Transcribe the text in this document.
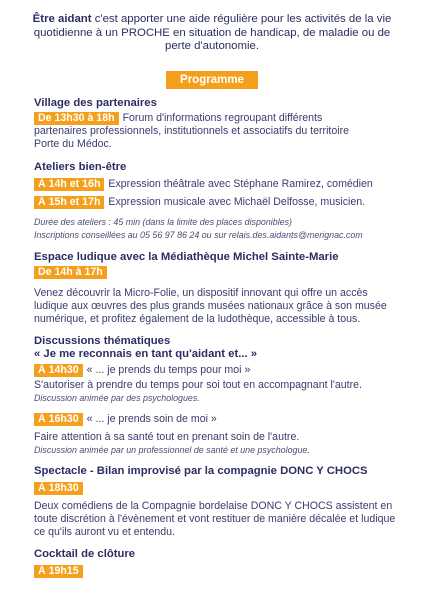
Être aidant c'est apporter une aide régulière pour les activités de la vie quotidienne à un PROCHE en situation de handicap, de maladie ou de perte d'autonomie.
Programme
Village des partenaires
De 13h30 à 18h Forum d'informations regroupant différents
partenaires professionnels, institutionnels et associatifs du territoire
Porte du Médoc.
Ateliers bien-être
À 14h et 16h Expression théâtrale avec Stéphane Ramirez, comédien
À 15h et 17h Expression musicale avec Michaël Delfosse, musicien.
Durée des ateliers : 45 min (dans la limite des places disponibles)
Inscriptions conseillées au 05 56 97 86 24 ou sur relais.des.aidants@merignac.com
Espace ludique avec la Médiathèque Michel Sainte-Marie
De 14h à 17h
Venez découvrir la Micro-Folie, un dispositif innovant qui offre un accès ludique aux œuvres des plus grands musées nationaux grâce à son musée numérique, et profitez également de la ludothèque, accessible à tous.
Discussions thématiques
« Je me reconnais en tant qu'aidant et... »
À 14h30 « ... je prends du temps pour moi »
S'autoriser à prendre du temps pour soi tout en accompagnant l'autre.
Discussion animée par des psychologues.
À 16h30 « ... je prends soin de moi »
Faire attention à sa santé tout en prenant soin de l'autre.
Discussion animée par un professionnel de santé et une psychologue.
Spectacle - Bilan improvisé par la compagnie DONC Y CHOCS
À 18h30
Deux comédiens de la Compagnie bordelaise DONC Y CHOCS assistent en toute discrétion à l'évènement et vont restituer de manière décalée et ludique ce qu'ils auront vu et entendu.
Cocktail de clôture
À 19h15
